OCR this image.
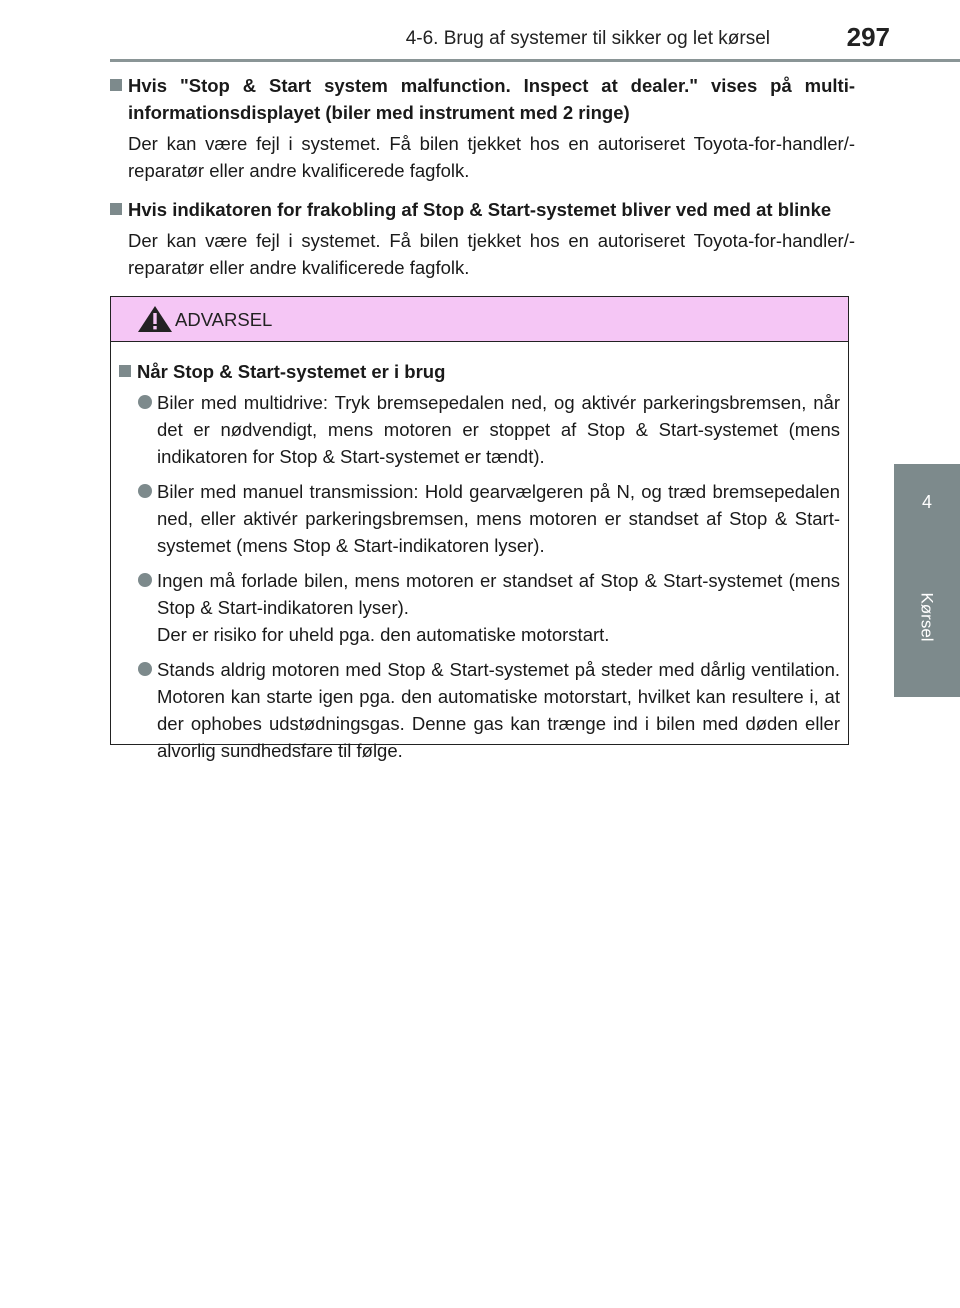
4-6. Brug af systemer til sikker og let kørsel	297
4
Kørsel
Hvis "Stop & Start system malfunction. Inspect at dealer." vises på multi-informationsdisplayet (biler med instrument med 2 ringe)
Der kan være fejl i systemet. Få bilen tjekket hos en autoriseret Toyota-for-handler/-reparatør eller andre kvalificerede fagfolk.
Hvis indikatoren for frakobling af Stop & Start-systemet bliver ved med at blinke
Der kan være fejl i systemet. Få bilen tjekket hos en autoriseret Toyota-for-handler/-reparatør eller andre kvalificerede fagfolk.
ADVARSEL
Når Stop & Start-systemet er i brug
Biler med multidrive: Tryk bremsepedalen ned, og aktivér parkeringsbremsen, når det er nødvendigt, mens motoren er stoppet af Stop & Start-systemet (mens indikatoren for Stop & Start-systemet er tændt).
Biler med manuel transmission: Hold gearvælgeren på N, og træd bremsepedalen ned, eller aktivér parkeringsbremsen, mens motoren er standset af Stop & Start-systemet (mens Stop & Start-indikatoren lyser).
Ingen må forlade bilen, mens motoren er standset af Stop & Start-systemet (mens Stop & Start-indikatoren lyser).
Der er risiko for uheld pga. den automatiske motorstart.
Stands aldrig motoren med Stop & Start-systemet på steder med dårlig ventilation. Motoren kan starte igen pga. den automatiske motorstart, hvilket kan resultere i, at der ophobes udstødningsgas. Denne gas kan trænge ind i bilen med døden eller alvorlig sundhedsfare til følge.
